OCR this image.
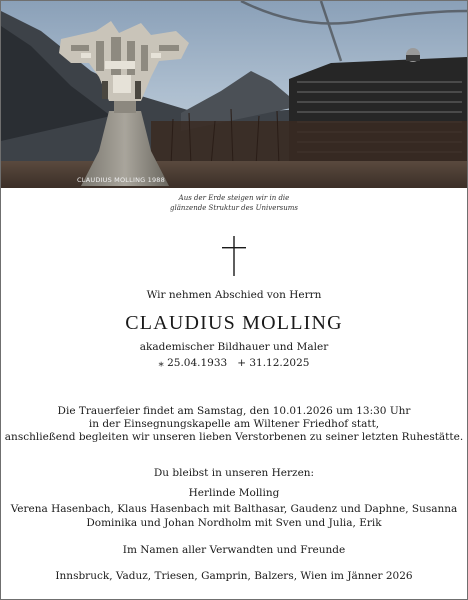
CLAUDIUS MOLLING 1988
Aus der Erde steigen wir in die
glänzende Struktur des Universums
Wir nehmen Abschied von Herrn
CLAUDIUS MOLLING
akademischer Bildhauer und Maler
⁎ 25.04.1933 + 31.12.2025
Die Trauerfeier findet am Samstag, den 10.01.2026 um 13:30 Uhr
in der Einsegnungskapelle am Wiltener Friedhof statt,
anschließend begleiten wir unseren lieben Verstorbenen zu seiner letzten Ruhestätte.
Du bleibst in unseren Herzen:
Herlinde Molling
Verena Hasenbach, Klaus Hasenbach mit Balthasar, Gaudenz und Daphne, Susanna
Dominika und Johan Nordholm mit Sven und Julia, Erik
Im Namen aller Verwandten und Freunde
Innsbruck, Vaduz, Triesen, Gamprin, Balzers, Wien im Jänner 2026
